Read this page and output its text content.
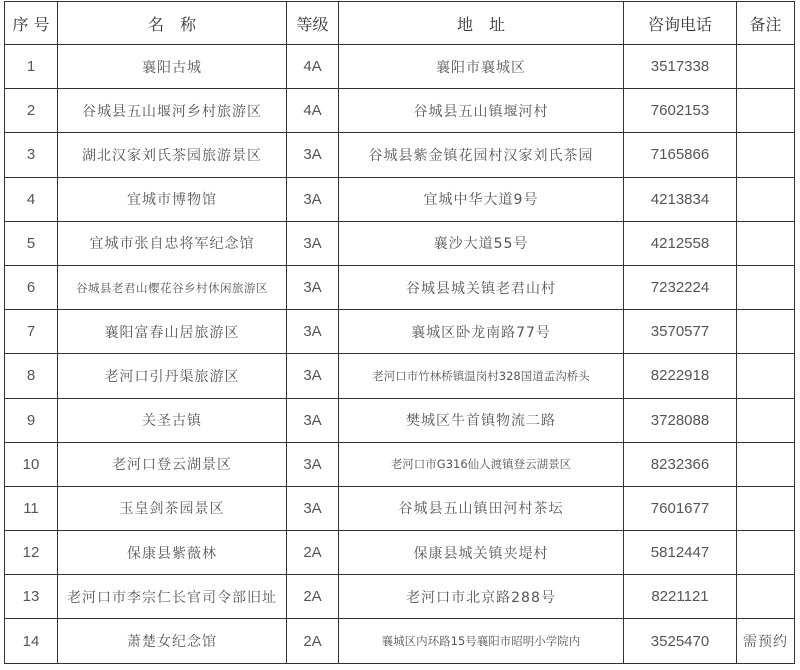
序 号	名　称	等级	地　址	咨询电话	备注
1	襄阳古城	4A	襄阳市襄城区	3517338	
2	谷城县五山堰河乡村旅游区	4A	谷城县五山镇堰河村	7602153	
3	湖北汉家刘氏茶园旅游景区	3A	谷城县紫金镇花园村汉家刘氏茶园	7165866	
4	宜城市博物馆	3A	宜城中华大道9号	4213834	
5	宜城市张自忠将军纪念馆	3A	襄沙大道55号	4212558	
6	谷城县老君山樱花谷乡村休闲旅游区	3A	谷城县城关镇老君山村	7232224	
7	襄阳富春山居旅游区	3A	襄城区卧龙南路77号	3570577	
8	老河口引丹渠旅游区	3A	老河口市竹林桥镇温岗村328国道孟沟桥头	8222918	
9	关圣古镇	3A	樊城区牛首镇物流二路	3728088	
10	老河口登云湖景区	3A	老河口市G316仙人渡镇登云湖景区	8232366	
11	玉皇剑茶园景区	3A	谷城县五山镇田河村茶坛	7601677	
12	保康县紫薇林	2A	保康县城关镇夹堤村	5812447	
13	老河口市李宗仁长官司令部旧址	2A	老河口市北京路288号	8221121	
14	萧楚女纪念馆	2A	襄城区内环路15号襄阳市昭明小学院内	3525470	需预约
